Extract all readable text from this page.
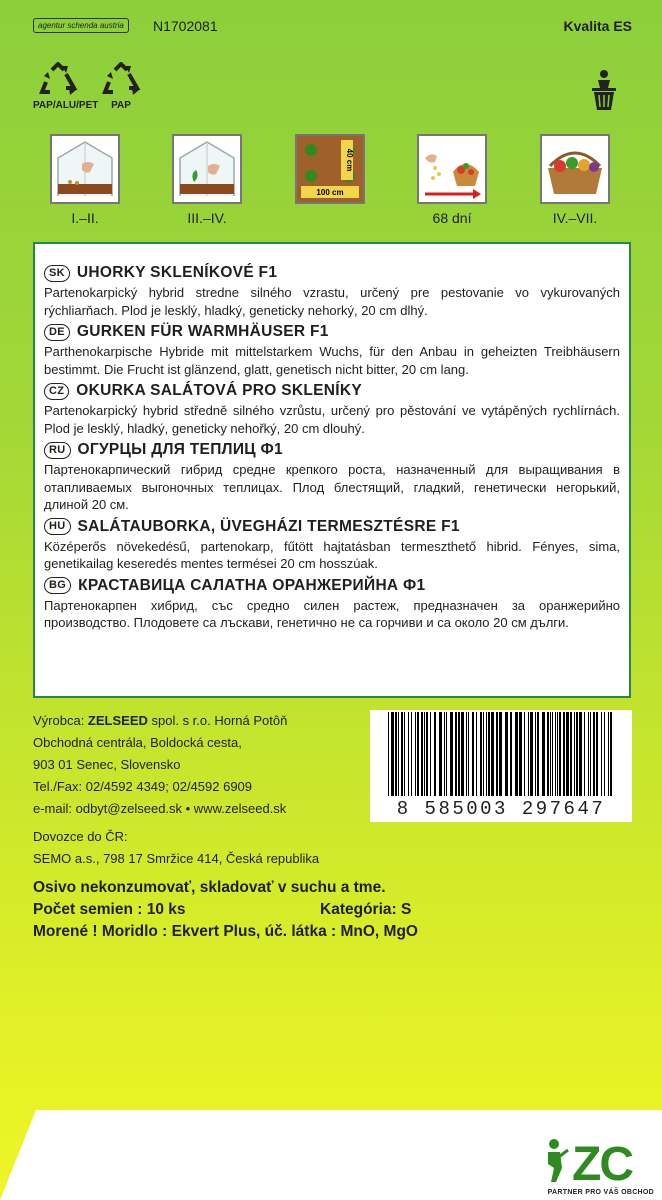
agentur schenda austria	N1702081	Kvalita ES
PAP/ALU/PET	PAP
I.–II.	III.–IV.
40 cm
100 cm
68 dní	IV.–VII.
SK UHORKY SKLENÍKOVÉ F1
Partenokarpický hybrid stredne silného vzrastu, určený pre pestovanie vo vykurovaných rýchliarňach. Plod je lesklý, hladký, geneticky nehorký, 20 cm dlhý.
DE GURKEN FÜR WARMHÄUSER F1
Parthenokarpische Hybride mit mittelstarkem Wuchs, für den Anbau in geheizten Treibhäusern bestimmt. Die Frucht ist glänzend, glatt, genetisch nicht bitter, 20 cm lang.
CZ OKURKA SALÁTOVÁ PRO SKLENÍKY
Partenokarpický hybrid středně silného vzrůstu, určený pro pěstování ve vytápěných rychlírnách. Plod je lesklý, hladký, geneticky nehořký, 20 cm dlouhý.
RU ОГУРЦЫ ДЛЯ ТЕПЛИЦ Ф1
Партенокарпический гибрид средне крепкого роста, назначенный для выращивания в отапливаемых выгоночных теплицах. Плод блестящий, гладкий, генетически негорький, длиной 20 см.
HU SALÁTAUBORKA, ÜVEGHÁZI TERMESZTÉSRE F1
Középerős növekedésű, partenokarp, fűtött hajtatásban termeszthető hibrid. Fényes, sima, genetikailag keseredés mentes termései 20 cm hosszúak.
BG КРАСТАВИЦА САЛАТНА ОРАНЖЕРИЙНА Ф1
Партенокарпен хибрид, със средно силен растеж, предназначен за оранжерийно производство. Плодовете са лъскави, генетично не са горчиви и са около 20 см дълги.
Výrobca: ZELSEED spol. s r.o. Horná Potôň
Obchodná centrála, Boldocká cesta,
903 01 Senec, Slovensko
Tel./Fax: 02/4592 4349; 02/4592 6909
e-mail: odbyt@zelseed.sk • www.zelseed.sk
Dovozce do ČR:
SEMO a.s., 798 17 Smržice 414, Česká republika
8 585003 297647
Osivo nekonzumovať, skladovať v suchu a tme.
Počet semien : 10 ks	Kategória: S
Morené ! Moridlo : Ekvert Plus, úč. látka : MnO, MgO
ZC
PARTNER PRO VÁŠ OBCHOD
